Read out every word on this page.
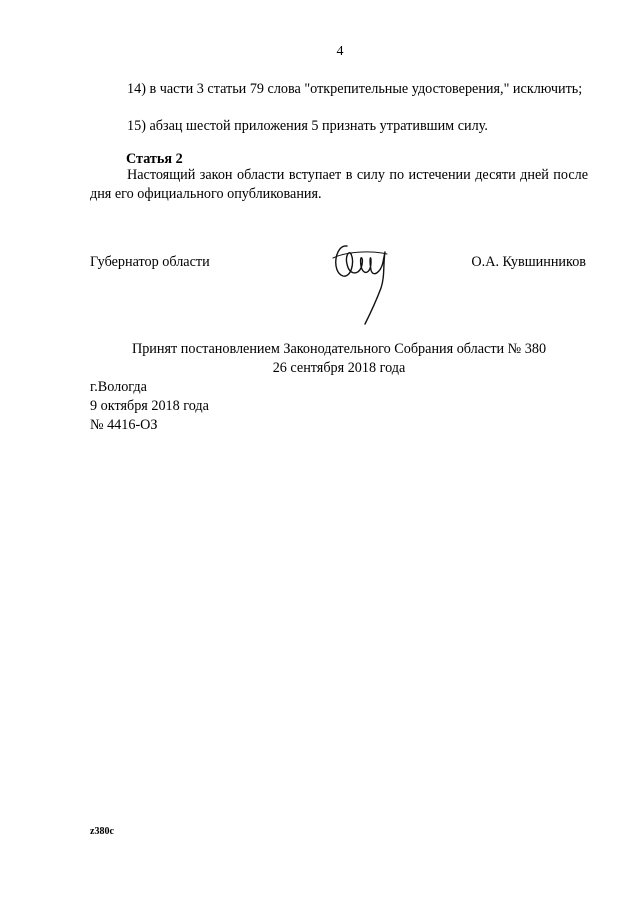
4
14) в части 3 статьи 79 слова "открепительные удостоверения," исключить;
15) абзац шестой приложения 5 признать утратившим силу.
Статья 2
Настоящий закон области вступает в силу по истечении десяти дней после дня его официального опубликования.
Губернатор области	О.А. Кувшинников
Принят постановлением Законодательного Собрания области № 380
26 сентября 2018 года
г.Вологда
9 октября 2018 года
№ 4416-ОЗ
z380c
